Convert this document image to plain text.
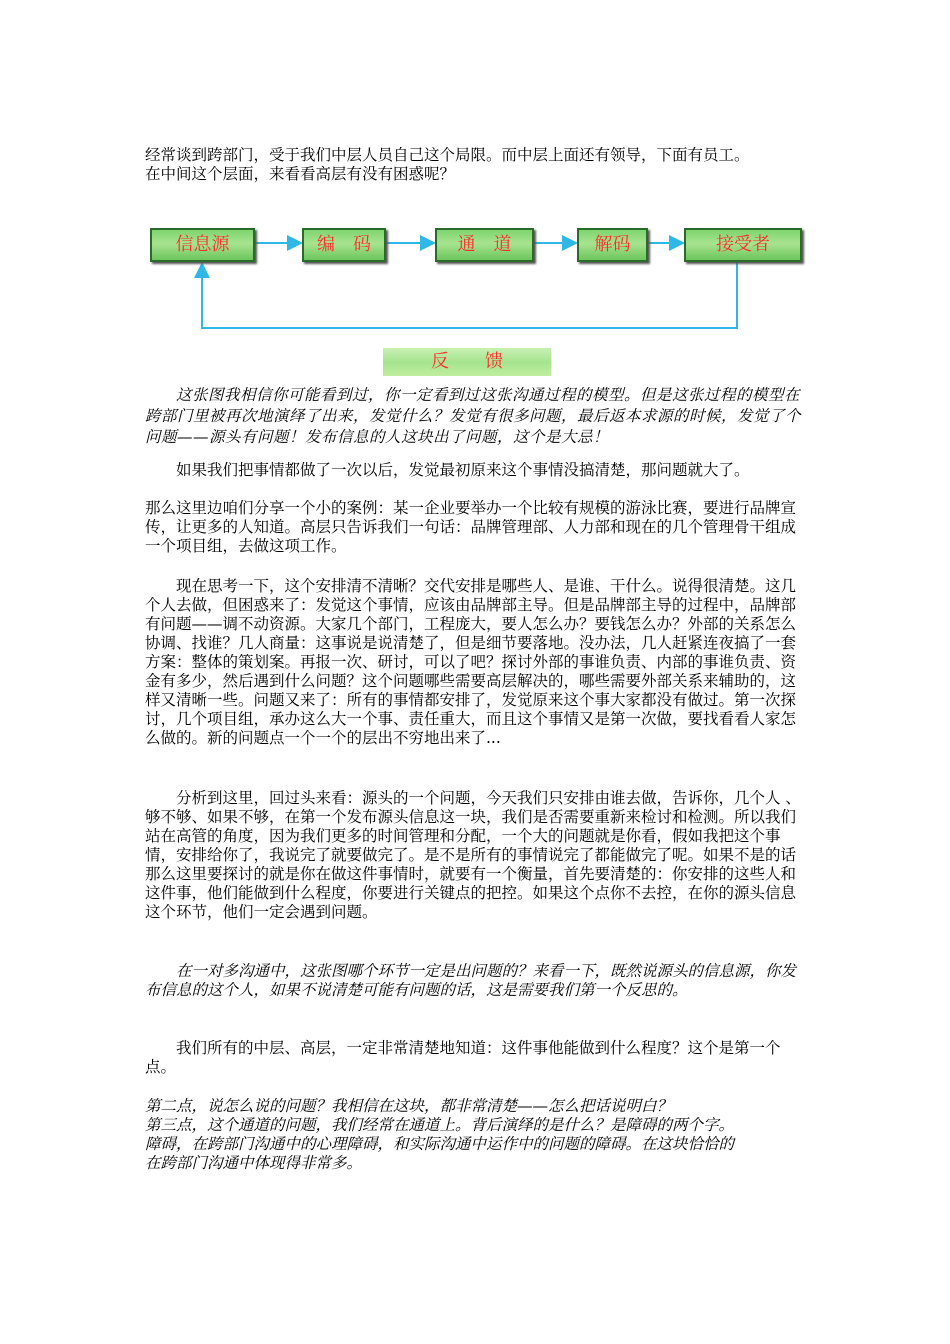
经常谈到跨部门，受于我们中层人员自己这个局限。而中层上面还有领导，下面有员工。

在中间这个层面，来看看高层有没有困惑呢？

信息源	编　码	通　道	解码	接受者
反　　馈

这张图我相信你可能看到过，你一定看到过这张沟通过程的模型。但是这张过程的模型在跨部门里被再次地演绎了出来，发觉什么？发觉有很多问题，最后返本求源的时候，发觉了个问题——源头有问题！发布信息的人这块出了问题，这个是大忌！

如果我们把事情都做了一次以后，发觉最初原来这个事情没搞清楚，那问题就大了。

那么这里边咱们分享一个小的案例：某一企业要举办一个比较有规模的游泳比赛，要进行品牌宣传，让更多的人知道。高层只告诉我们一句话：品牌管理部、人力部和现在的几个管理骨干组成一个项目组，去做这项工作。

现在思考一下，这个安排清不清晰？交代安排是哪些人、是谁、干什么。说得很清楚。这几个人去做，但困惑来了：发觉这个事情，应该由品牌部主导。但是品牌部主导的过程中，品牌部有问题——调不动资源。大家几个部门，工程庞大，要人怎么办？要钱怎么办？外部的关系怎么协调、找谁？几人商量：这事说是说清楚了，但是细节要落地。没办法，几人赶紧连夜搞了一套方案：整体的策划案。再报一次、研讨，可以了吧？探讨外部的事谁负责、内部的事谁负责、资金有多少，然后遇到什么问题？这个问题哪些需要高层解决的，哪些需要外部关系来辅助的，这样又清晰一些。问题又来了：所有的事情都安排了，发觉原来这个事大家都没有做过。第一次探讨，几个项目组，承办这么大一个事、责任重大，而且这个事情又是第一次做，要找看看人家怎么做的。新的问题点一个一个的层出不穷地出来了...

分析到这里，回过头来看：源头的一个问题，今天我们只安排由谁去做，告诉你，几个人 、够不够、如果不够，在第一个发布源头信息这一块，我们是否需要重新来检讨和检测。所以我们站在高管的角度，因为我们更多的时间管理和分配，一个大的问题就是你看，假如我把这个事情，安排给你了，我说完了就要做完了。是不是所有的事情说完了都能做完了呢。如果不是的话那么这里要探讨的就是你在做这件事情时，就要有一个衡量，首先要清楚的：你安排的这些人和这件事，他们能做到什么程度，你要进行关键点的把控。如果这个点你不去控，在你的源头信息这个环节，他们一定会遇到问题。

在一对多沟通中，这张图哪个环节一定是出问题的？来看一下，既然说源头的信息源，你发布信息的这个人，如果不说清楚可能有问题的话，这是需要我们第一个反思的。

我们所有的中层、高层，一定非常清楚地知道：这件事他能做到什么程度？这个是第一个点。

第二点，说怎么说的问题？我相信在这块，都非常清楚——怎么把话说明白？

第三点，这个通道的问题，我们经常在通道上。背后演绎的是什么？是障碍的两个字。

障碍，在跨部门沟通中的心理障碍，和实际沟通中运作中的问题的障碍。在这块恰恰的

在跨部门沟通中体现得非常多。
